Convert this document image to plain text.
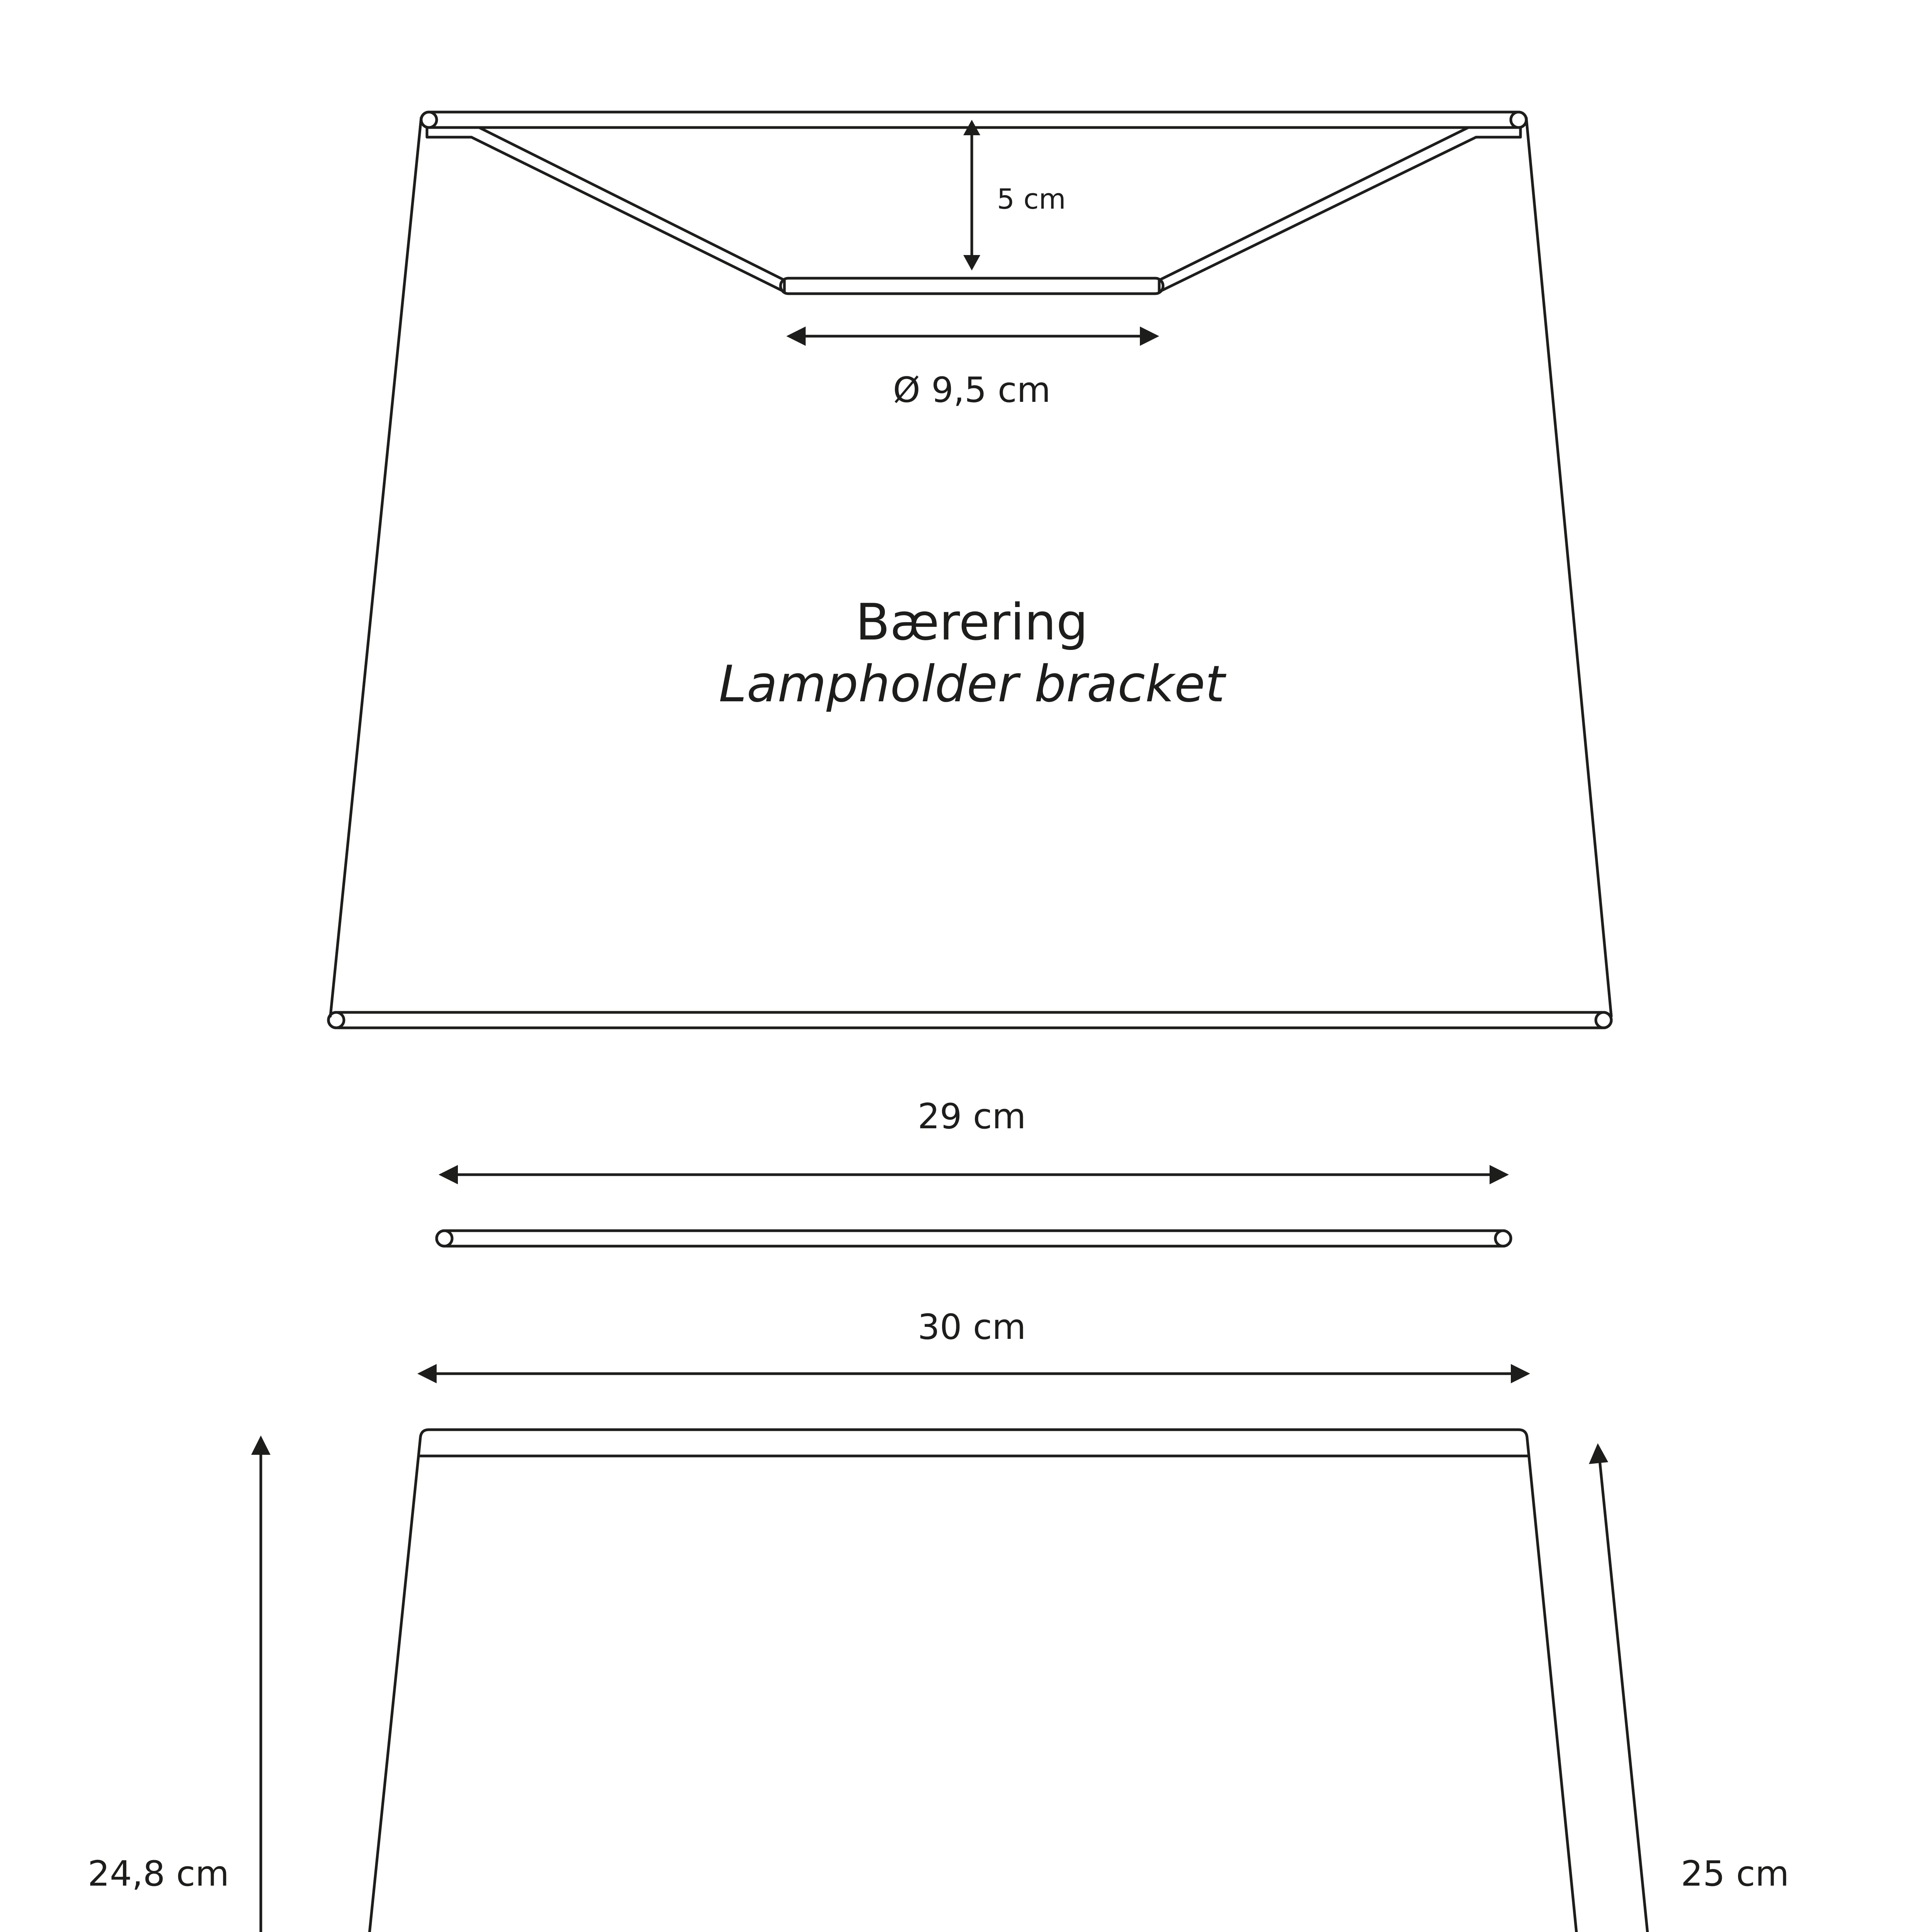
5 cm
Ø 9,5 cm
Bærering
Lampholder bracket
29 cm
30 cm
24,8 cm	25 cm
